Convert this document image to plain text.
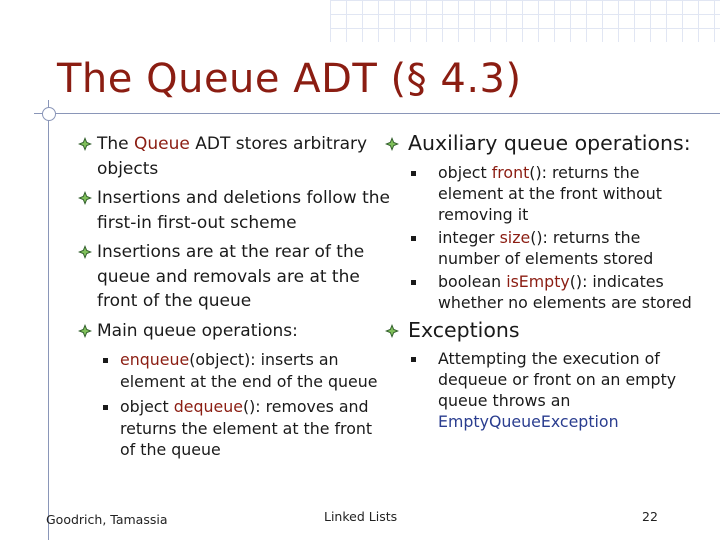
The Queue ADT (§ 4.3)
The Queue ADT stores arbitrary objects
Insertions and deletions follow the first-in first-out scheme
Insertions are at the rear of the queue and removals are at the front of the queue
Main queue operations:
enqueue(object): inserts an element at the end of the queue
object dequeue(): removes and returns the element at the front of the queue
Auxiliary queue operations:
object front(): returns the element at the front without removing it
integer size(): returns the number of elements stored
boolean isEmpty(): indicates whether no elements are stored
Exceptions
Attempting the execution of dequeue or front on an empty queue throws an EmptyQueueException
Goodrich, Tamassia	Linked Lists	22
